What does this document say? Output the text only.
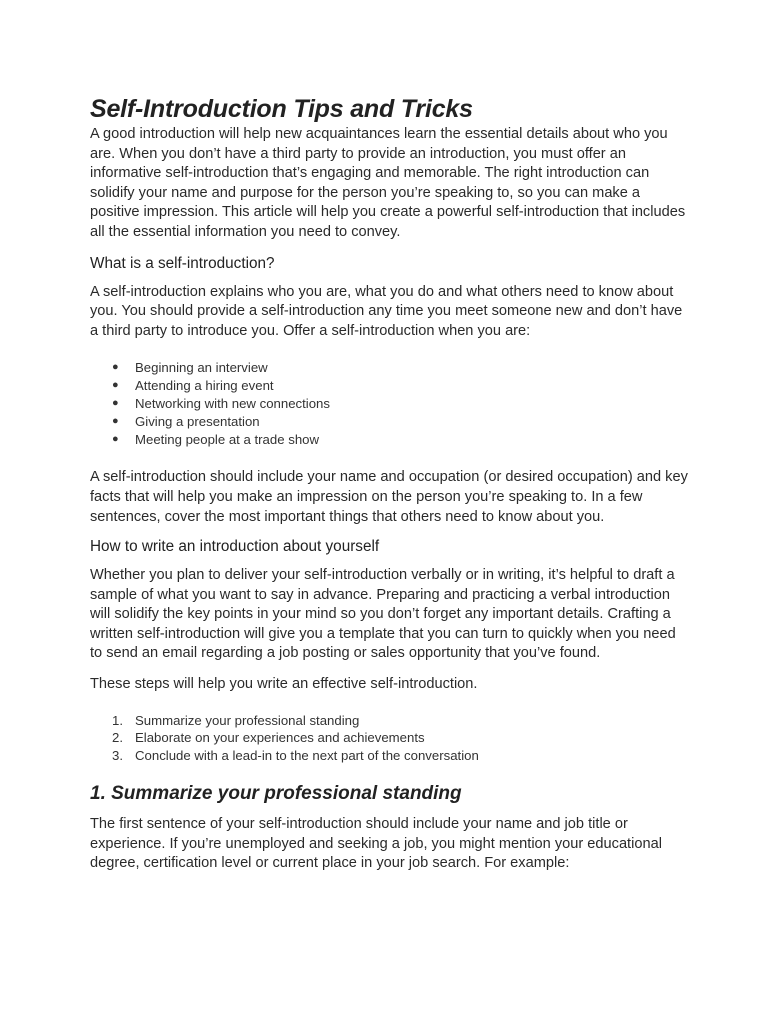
Self-Introduction Tips and Tricks

A good introduction will help new acquaintances learn the essential details about who you are. When you don’t have a third party to provide an introduction, you must offer an informative self-introduction that’s engaging and memorable. The right introduction can solidify your name and purpose for the person you’re speaking to, so you can make a positive impression. This article will help you create a powerful self-introduction that includes all the essential information you need to convey.

What is a self-introduction?

A self-introduction explains who you are, what you do and what others need to know about you. You should provide a self-introduction any time you meet someone new and don’t have a third party to introduce you. Offer a self-introduction when you are:

● Beginning an interview
● Attending a hiring event
● Networking with new connections
● Giving a presentation
● Meeting people at a trade show

A self-introduction should include your name and occupation (or desired occupation) and key facts that will help you make an impression on the person you’re speaking to. In a few sentences, cover the most important things that others need to know about you.

How to write an introduction about yourself

Whether you plan to deliver your self-introduction verbally or in writing, it’s helpful to draft a sample of what you want to say in advance. Preparing and practicing a verbal introduction will solidify the key points in your mind so you don’t forget any important details. Crafting a written self-introduction will give you a template that you can turn to quickly when you need to send an email regarding a job posting or sales opportunity that you’ve found.

These steps will help you write an effective self-introduction.

1. Summarize your professional standing
2. Elaborate on your experiences and achievements
3. Conclude with a lead-in to the next part of the conversation
1. Summarize your professional standing

The first sentence of your self-introduction should include your name and job title or experience. If you’re unemployed and seeking a job, you might mention your educational degree, certification level or current place in your job search. For example:
